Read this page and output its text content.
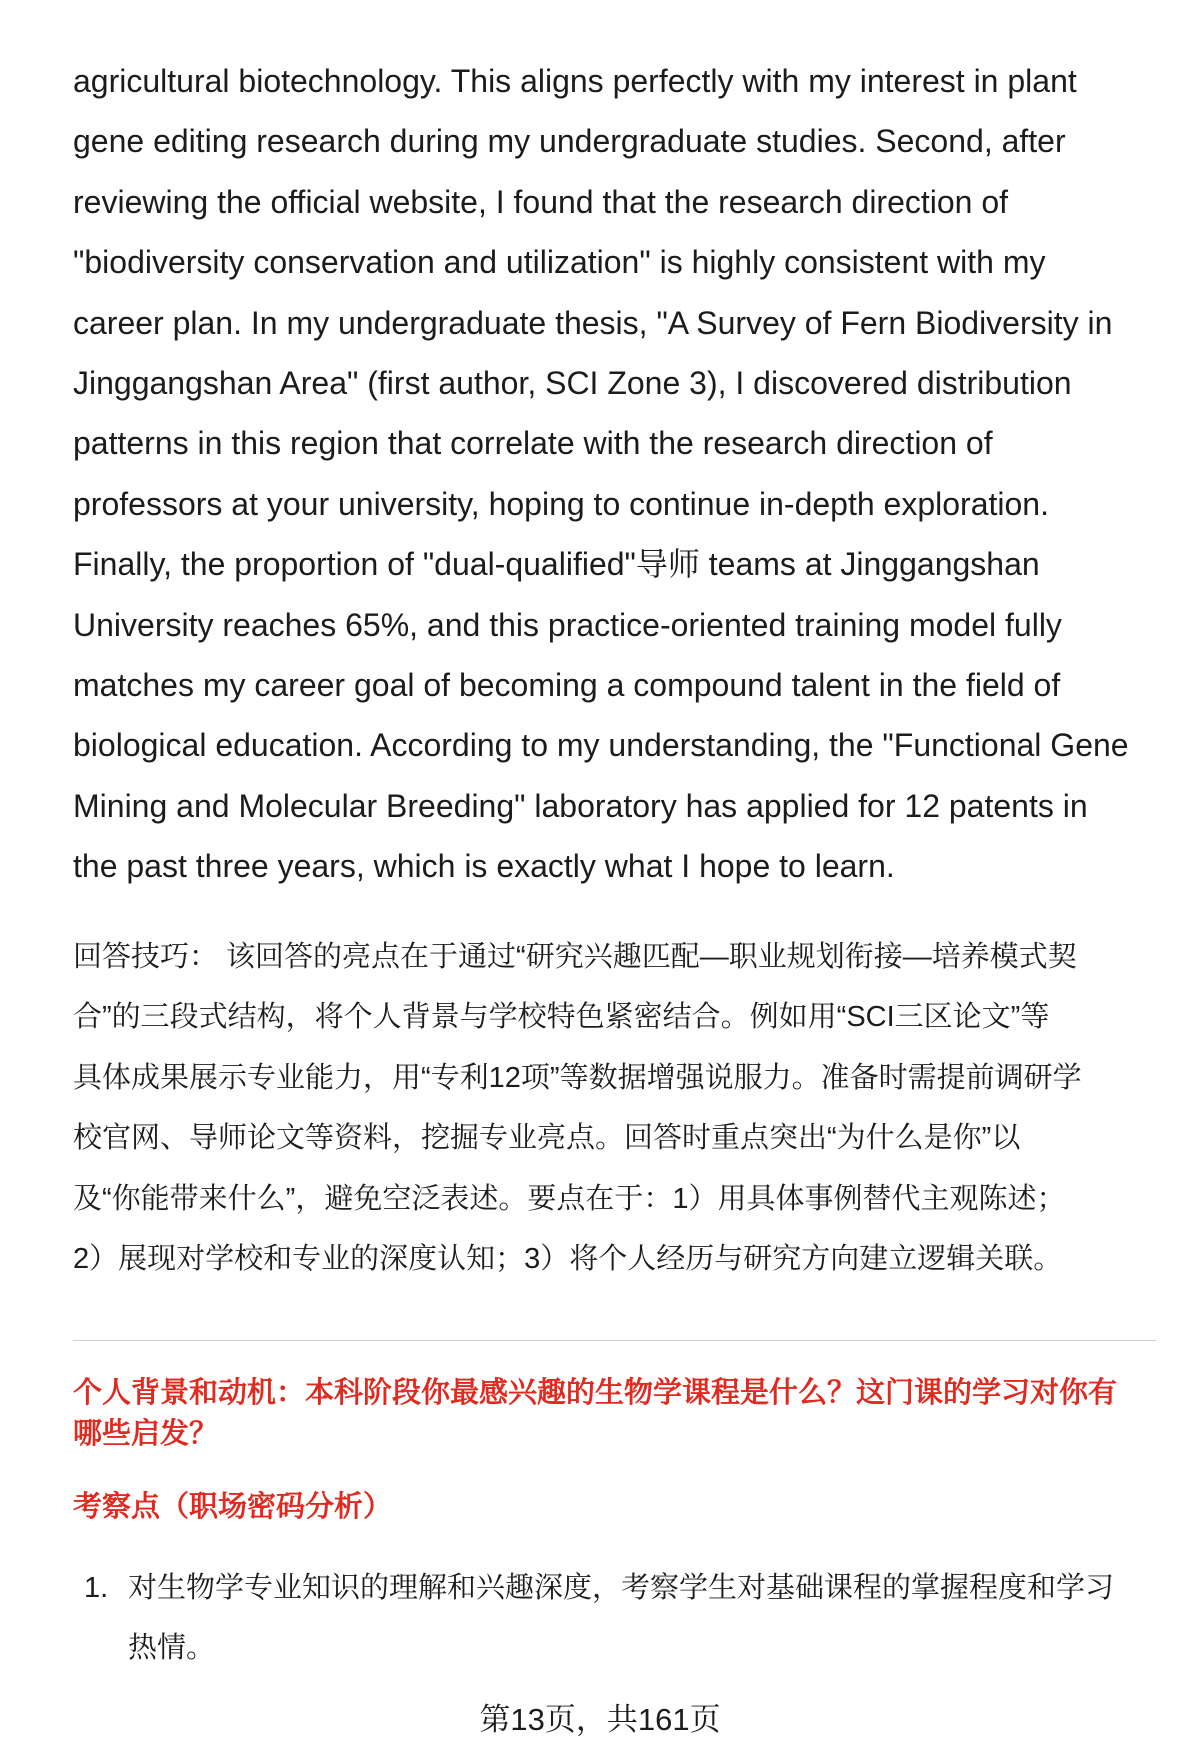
agricultural biotechnology. This aligns perfectly with my interest in plant
gene editing research during my undergraduate studies. Second, after
reviewing the official website, I found that the research direction of
"biodiversity conservation and utilization" is highly consistent with my
career plan. In my undergraduate thesis, "A Survey of Fern Biodiversity in
Jinggangshan Area" (first author, SCI Zone 3), I discovered distribution
patterns in this region that correlate with the research direction of
professors at your university, hoping to continue in-depth exploration.
Finally, the proportion of "dual-qualified"导师 teams at Jinggangshan
University reaches 65%, and this practice-oriented training model fully
matches my career goal of becoming a compound talent in the field of
biological education. According to my understanding, the "Functional Gene
Mining and Molecular Breeding" laboratory has applied for 12 patents in
the past three years, which is exactly what I hope to learn.
回答技巧： 该回答的亮点在于通过“研究兴趣匹配—职业规划衔接—培养模式契
合”的三段式结构，将个人背景与学校特色紧密结合。例如用“SCI三区论文”等
具体成果展示专业能力，用“专利12项”等数据增强说服力。准备时需提前调研学
校官网、导师论文等资料，挖掘专业亮点。回答时重点突出“为什么是你”以
及“你能带来什么”，避免空泛表述。要点在于：1）用具体事例替代主观陈述；
2）展现对学校和专业的深度认知；3）将个人经历与研究方向建立逻辑关联。
个人背景和动机：本科阶段你最感兴趣的生物学课程是什么？这门课的学习对你有
哪些启发？
考察点（职场密码分析）
1. 对生物学专业知识的理解和兴趣深度，考察学生对基础课程的掌握程度和学习
热情。
第13页，共161页
